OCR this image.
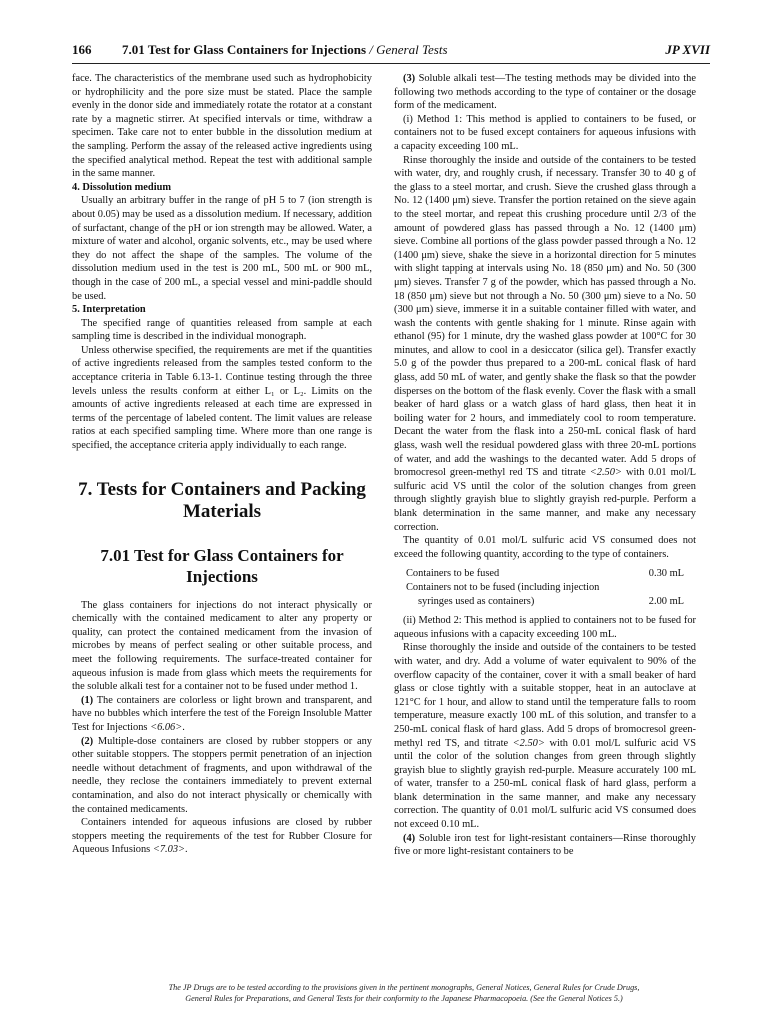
166 7.01 Test for Glass Containers for Injections / General Tests	JP XVII

face. The characteristics of the membrane used such as hydrophobicity or hydrophilicity and the pore size must be stated. Place the sample evenly in the donor side and immediately rotate the rotator at a constant rate by a magnetic stirrer. At specified intervals or time, withdraw a specimen. Take care not to enter bubble in the dissolution medium at the sampling. Perform the assay of the released active ingredients using the specified analytical method. Repeat the test with additional sample in the same manner.

4. Dissolution medium

Usually an arbitrary buffer in the range of pH 5 to 7 (ion strength is about 0.05) may be used as a dissolution medium. If necessary, addition of surfactant, change of the pH or ion strength may be allowed. Water, a mixture of water and alcohol, organic solvents, etc., may be used where they do not affect the shape of the samples. The volume of the dissolution medium used in the test is 200 mL, 500 mL or 900 mL, though in the case of 200 mL, a special vessel and mini-paddle should be used.

5. Interpretation

The specified range of quantities released from sample at each sampling time is described in the individual monograph.

Unless otherwise specified, the requirements are met if the quantities of active ingredients released from the samples tested conform to the acceptance criteria in Table 6.13-1. Continue testing through the three levels unless the results conform at either L₁ or L₂. Limits on the amounts of active ingredients released at each time are expressed in terms of the percentage of labeled content. The limit values are release ratios at each specified sampling time. Where more than one range is specified, the acceptance criteria apply individually to each range.

7. Tests for Containers and Packing Materials
7.01 Test for Glass Containers for Injections

The glass containers for injections do not interact physically or chemically with the contained medicament to alter any property or quality, can protect the contained medicament from the invasion of microbes by means of perfect sealing or other suitable process, and meet the following requirements. The surface-treated container for aqueous infusion is made from glass which meets the requirements for the soluble alkali test for a container not to be fused under method 1.

(1) The containers are colorless or light brown and transparent, and have no bubbles which interfere the test of the Foreign Insoluble Matter Test for Injections <6.06>.

(2) Multiple-dose containers are closed by rubber stoppers or any other suitable stoppers. The stoppers permit penetration of an injection needle without detachment of fragments, and upon withdrawal of the needle, they reclose the containers immediately to prevent external contamination, and also do not interact physically or chemically with the contained medicaments.

Containers intended for aqueous infusions are closed by rubber stoppers meeting the requirements of the test for Rubber Closure for Aqueous Infusions <7.03>.

(3) Soluble alkali test—The testing methods may be divided into the following two methods according to the type of container or the dosage form of the medicament.

(i) Method 1: This method is applied to containers to be fused, or containers not to be fused except containers for aqueous infusions with a capacity exceeding 100 mL.

Rinse thoroughly the inside and outside of the containers to be tested with water, dry, and roughly crush, if necessary. Transfer 30 to 40 g of the glass to a steel mortar, and crush. Sieve the crushed glass through a No. 12 (1400 μm) sieve. Transfer the portion retained on the sieve again to the steel mortar, and repeat this crushing procedure until 2/3 of the amount of powdered glass has passed through a No. 12 (1400 μm) sieve. Combine all portions of the glass powder passed through a No. 12 (1400 μm) sieve, shake the sieve in a horizontal direction for 5 minutes with slight tapping at intervals using No. 18 (850 μm) and No. 50 (300 μm) sieves. Transfer 7 g of the powder, which has passed through a No. 18 (850 μm) sieve but not through a No. 50 (300 μm) sieve to a No. 50 (300 μm) sieve, immerse it in a suitable container filled with water, and wash the contents with gentle shaking for 1 minute. Rinse again with ethanol (95) for 1 minute, dry the washed glass powder at 100°C for 30 minutes, and allow to cool in a desiccator (silica gel). Transfer exactly 5.0 g of the powder thus prepared to a 200-mL conical flask of hard glass, add 50 mL of water, and gently shake the flask so that the powder disperses on the bottom of the flask evenly. Cover the flask with a small beaker of hard glass or a watch glass of hard glass, then heat it in boiling water for 2 hours, and immediately cool to room temperature. Decant the water from the flask into a 250-mL conical flask of hard glass, wash well the residual powdered glass with three 20-mL portions of water, and add the washings to the decanted water. Add 5 drops of bromocresol green-methyl red TS and titrate <2.50> with 0.01 mol/L sulfuric acid VS until the color of the solution changes from green through slightly grayish blue to slightly grayish red-purple. Perform a blank determination in the same manner, and make any necessary correction.

The quantity of 0.01 mol/L sulfuric acid VS consumed does not exceed the following quantity, according to the type of containers.

Containers to be fused	0.30 mL
Containers not to be fused (including injection
syringes used as containers)	2.00 mL

(ii) Method 2: This method is applied to containers not to be fused for aqueous infusions with a capacity exceeding 100 mL.

Rinse thoroughly the inside and outside of the containers to be tested with water, and dry. Add a volume of water equivalent to 90% of the overflow capacity of the container, cover it with a small beaker of hard glass or close tightly with a suitable stopper, heat in an autoclave at 121°C for 1 hour, and allow to stand until the temperature falls to room temperature, measure exactly 100 mL of this solution, and transfer to a 250-mL conical flask of hard glass. Add 5 drops of bromocresol green-methyl red TS, and titrate <2.50> with 0.01 mol/L sulfuric acid VS until the color of the solution changes from green through slightly grayish blue to slightly grayish red-purple. Measure accurately 100 mL of water, transfer to a 250-mL conical flask of hard glass, perform a blank determination in the same manner, and make any necessary correction. The quantity of 0.01 mol/L sulfuric acid VS consumed does not exceed 0.10 mL.

(4) Soluble iron test for light-resistant containers—Rinse thoroughly five or more light-resistant containers to be

The JP Drugs are to be tested according to the provisions given in the pertinent monographs, General Notices, General Rules for Crude Drugs,
General Rules for Preparations, and General Tests for their conformity to the Japanese Pharmacopoeia. (See the General Notices 5.)
